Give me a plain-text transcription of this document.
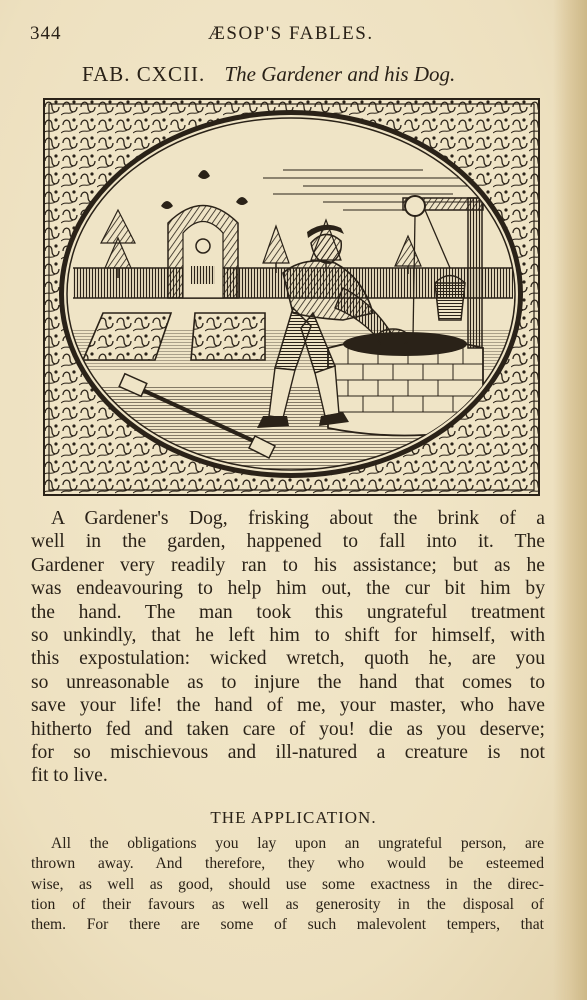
344	ÆSOP'S FABLES.
FAB. CXCII. The Gardener and his Dog.
A Gardener's Dog, frisking about the brink of a
well in the garden, happened to fall into it. The
Gardener very readily ran to his assistance; but as he
was endeavouring to help him out, the cur bit him by
the hand. The man took this ungrateful treatment
so unkindly, that he left him to shift for himself, with
this expostulation: wicked wretch, quoth he, are you
so unreasonable as to injure the hand that comes to
save your life! the hand of me, your master, who have
hitherto fed and taken care of you! die as you deserve;
for so mischievous and ill-natured a creature is not
fit to live.
THE APPLICATION.
All the obligations you lay upon an ungrateful person, are
thrown away. And therefore, they who would be esteemed
wise, as well as good, should use some exactness in the direc-
tion of their favours as well as generosity in the disposal of
them. For there are some of such malevolent tempers, that
